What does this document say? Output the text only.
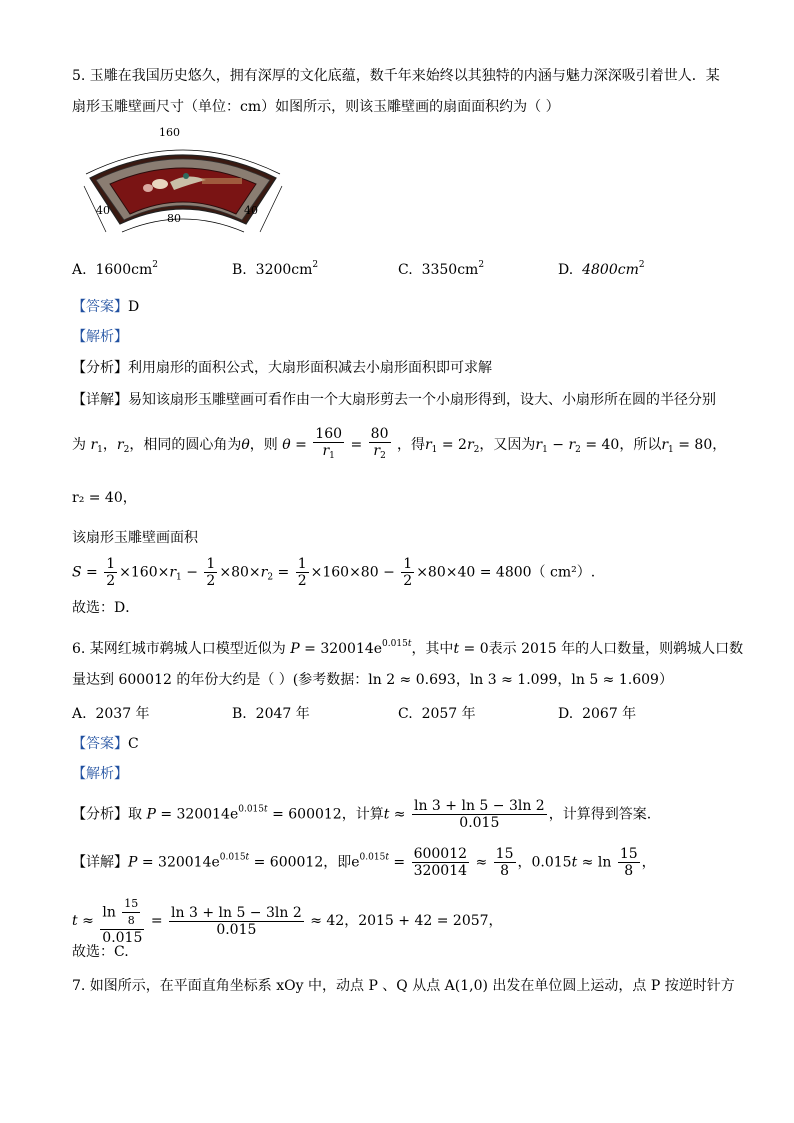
5. 玉雕在我国历史悠久，拥有深厚的文化底蕴，数千年来始终以其独特的内涵与魅力深深吸引着世人．某
扇形玉雕壁画尺寸（单位：cm）如图所示，则该玉雕壁画的扇面面积约为（ ）
160
40
80
40
A. $1600cm^2$	B. $3200cm^2$	C. $3350cm^2$	D. $4800cm^2$
【答案】D
【解析】
【分析】利用扇形的面积公式，大扇形面积减去小扇形面积即可求解
【详解】易知该扇形玉雕壁画可看作由一个大扇形剪去一个小扇形得到，设大、小扇形所在圆的半径分别
为 $r_1$，$r_2$，相同的圆心角为θ，则 $\theta = \frac{160}{r_1} = \frac{80}{r_2}$ ，得$r_1 = 2r_2$，又因为$r_1 - r_2 = 40$，所以$r_1 = 80$，
r₂ = 40，
该扇形玉雕壁画面积
$S = \frac{1}{2} \times 160\times r_1 - \frac{1}{2} \times 80\times r_2 = \frac{1}{2} \times 160\times 80 - \frac{1}{2} \times 80\times 40 = 4800$（ cm²）.
故选：D．
6. 某网红城市鹈城人口模型近似为 $P = 320014e^{0.015t}$，其中t = 0表示 2015 年的人口数量，则鹈城人口数
量达到 600012 的年份大约是（ ）(参考数据：ln 2 ≈ 0.693，ln 3 ≈ 1.099，ln 5 ≈ 1.609）
A. 2037 年	B. 2047 年	C. 2057 年	D. 2067 年
【答案】C
【解析】
【分析】取 $P = 320014e^{0.015t} = 600012$，计算$t \approx \frac{\ln 3 + \ln 5 - 3\ln 2}{0.015}$ ，计算得到答案.
【详解】$P = 320014e^{0.015t} = 600012$，即$e^{0.015t} = \frac{600012}{320014} \approx \frac{15}{8}$ ，$0.015t \approx \ln \frac{15}{8}$ ，
$t \approx \frac{\ln \frac{15}{8}}{0.015} = \frac{\ln 3 + \ln 5 - 3\ln 2}{0.015} \approx 42$，2015 + 42 = 2057，
故选：C.
7. 如图所示，在平面直角坐标系 xOy 中，动点 P 、Q 从点 A(1,0) 出发在单位圆上运动，点 P 按逆时针方
